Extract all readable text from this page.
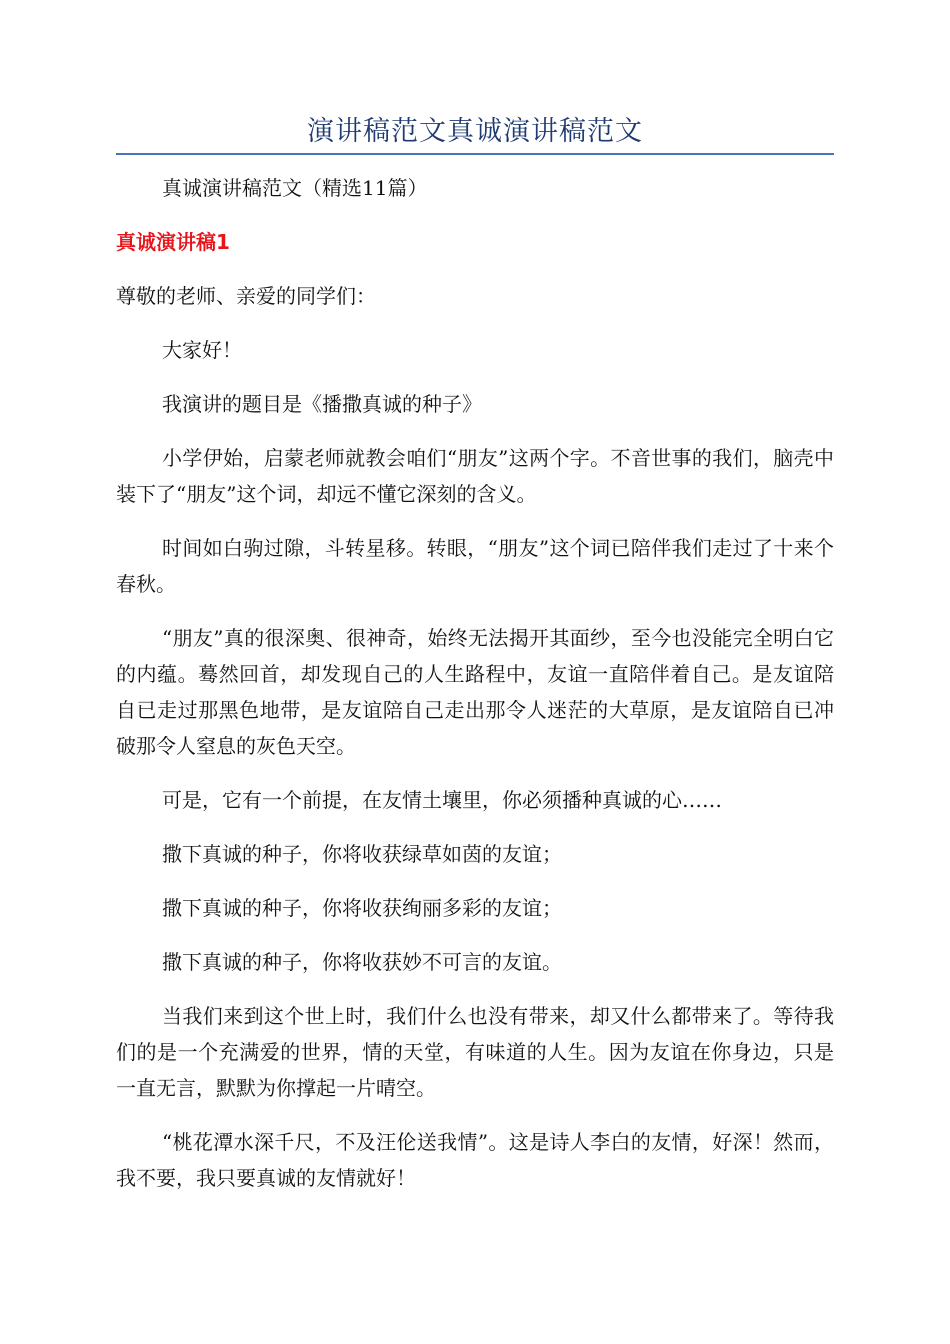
演讲稿范文真诚演讲稿范文

真诚演讲稿范文（精选11篇）

真诚演讲稿1

尊敬的老师、亲爱的同学们：

大家好！

我演讲的题目是《播撒真诚的种子》

小学伊始，启蒙老师就教会咱们“朋友”这两个字。不音世事的我们，脑壳中装下了“朋友”这个词，却远不懂它深刻的含义。

时间如白驹过隙，斗转星移。转眼，“朋友”这个词已陪伴我们走过了十来个春秋。

“朋友”真的很深奥、很神奇，始终无法揭开其面纱，至今也没能完全明白它的内蕴。蓦然回首，却发现自己的人生路程中，友谊一直陪伴着自己。是友谊陪自已走过那黑色地带，是友谊陪自己走出那令人迷茫的大草原，是友谊陪自已冲破那令人窒息的灰色天空。

可是，它有一个前提，在友情土壤里，你必须播种真诚的心……

撒下真诚的种子，你将收获绿草如茵的友谊；

撒下真诚的种子，你将收获绚丽多彩的友谊；

撒下真诚的种子，你将收获妙不可言的友谊。

当我们来到这个世上时，我们什么也没有带来，却又什么都带来了。等待我们的是一个充满爱的世界，情的天堂，有味道的人生。因为友谊在你身边，只是一直无言，默默为你撑起一片晴空。

“桃花潭水深千尺，不及汪伦送我情”。这是诗人李白的友情，好深！然而，我不要，我只要真诚的友情就好！
